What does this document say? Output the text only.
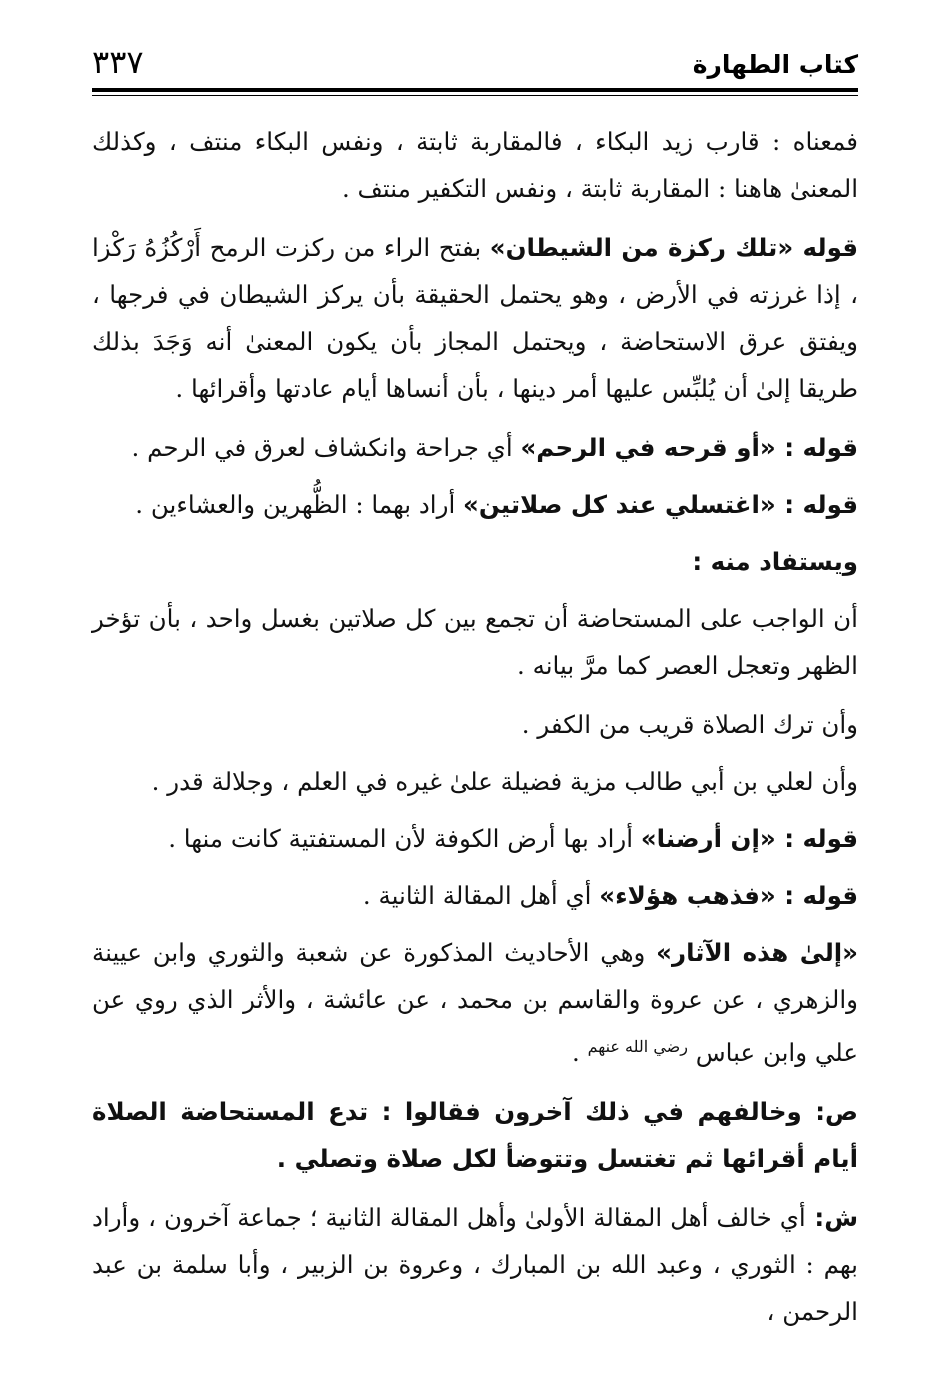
كتاب الطهارة
٣٣٧

فمعناه : قارب زيد البكاء ، فالمقاربة ثابتة ، ونفس البكاء منتف ، وكذلك المعنىٰ هاهنا : المقاربة ثابتة ، ونفس التكفير منتف .

قوله «تلك ركزة من الشيطان» بفتح الراء من ركزت الرمح أَرْكُزُهُ رَكْزا ، إذا غرزته في الأرض ، وهو يحتمل الحقيقة بأن يركز الشيطان في فرجها ، ويفتق عرق الاستحاضة ، ويحتمل المجاز بأن يكون المعنىٰ أنه وَجَدَ بذلك طريقا إلىٰ أن يُلبِّس عليها أمر دينها ، بأن أنساها أيام عادتها وأقرائها .

قوله : «أو قرحه في الرحم» أي جراحة وانكشاف لعرق في الرحم .

قوله : «اغتسلي عند كل صلاتين» أراد بهما : الظُّهرين والعشاءين .

ويستفاد منه :

أن الواجب على المستحاضة أن تجمع بين كل صلاتين بغسل واحد ، بأن تؤخر الظهر وتعجل العصر كما مرَّ بيانه .

وأن ترك الصلاة قريب من الكفر .

وأن لعلي بن أبي طالب مزية فضيلة علىٰ غيره في العلم ، وجلالة قدر .

قوله : «إن أرضنا» أراد بها أرض الكوفة لأن المستفتية كانت منها .

قوله : «فذهب هؤلاء» أي أهل المقالة الثانية .

«إلىٰ هذه الآثار» وهي الأحاديث المذكورة عن شعبة والثوري وابن عيينة والزهري ، عن عروة والقاسم بن محمد ، عن عائشة ، والأثر الذي روي عن علي وابن عباس $^{رضي الله عنهم}$ .

ص: وخالفهم في ذلك آخرون فقالوا : تدع المستحاضة الصلاة أيام أقرائها ثم تغتسل وتتوضأ لكل صلاة وتصلي .

ش: أي خالف أهل المقالة الأولىٰ وأهل المقالة الثانية ؛ جماعة آخرون ، وأراد بهم : الثوري ، وعبد الله بن المبارك ، وعروة بن الزبير ، وأبا سلمة بن عبد الرحمن ،
